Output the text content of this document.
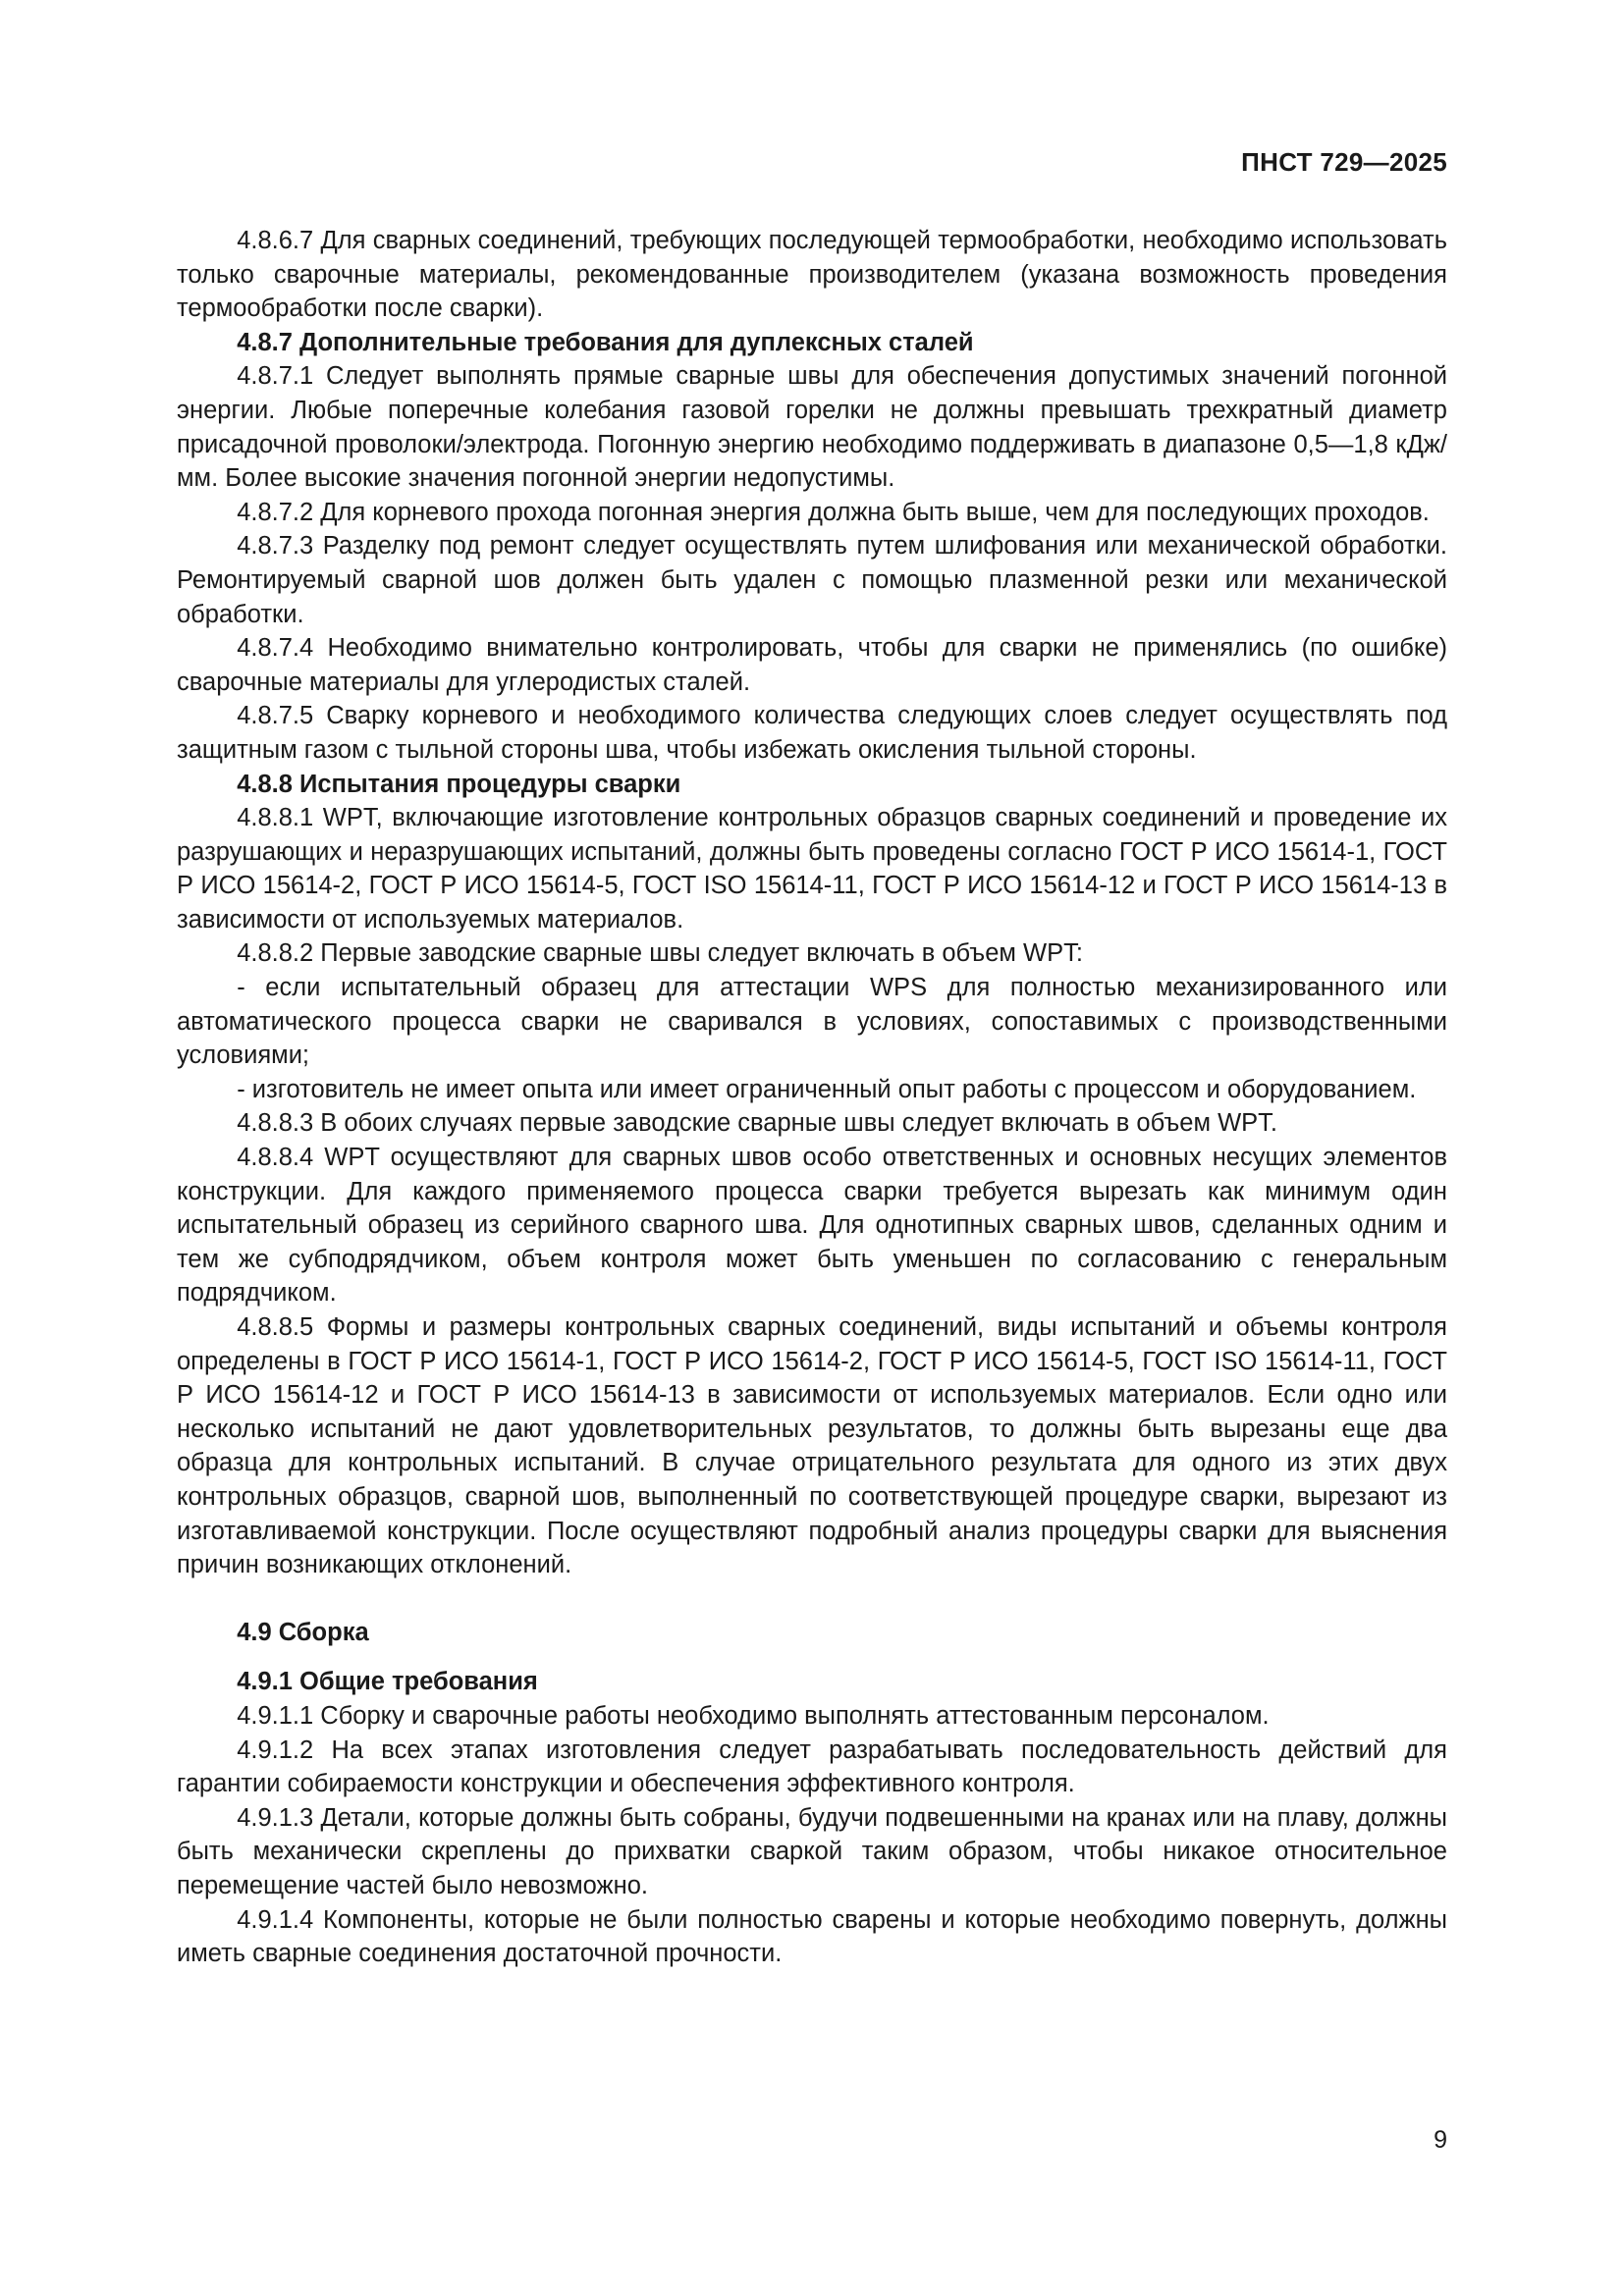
ПНСТ 729—2025

4.8.6.7 Для сварных соединений, требующих последующей термообработки, необходимо использовать только сварочные материалы, рекомендованные производителем (указана возможность проведения термообработки после сварки).

4.8.7 Дополнительные требования для дуплексных сталей

4.8.7.1 Следует выполнять прямые сварные швы для обеспечения допустимых значений погонной энергии. Любые поперечные колебания газовой горелки не должны превышать трехкратный диаметр присадочной проволоки/электрода. Погонную энергию необходимо поддерживать в диапазоне 0,5—1,8 кДж/мм. Более высокие значения погонной энергии недопустимы.

4.8.7.2 Для корневого прохода погонная энергия должна быть выше, чем для последующих проходов.

4.8.7.3 Разделку под ремонт следует осуществлять путем шлифования или механической обработки. Ремонтируемый сварной шов должен быть удален с помощью плазменной резки или механической обработки.

4.8.7.4 Необходимо внимательно контролировать, чтобы для сварки не применялись (по ошибке) сварочные материалы для углеродистых сталей.

4.8.7.5 Сварку корневого и необходимого количества следующих слоев следует осуществлять под защитным газом с тыльной стороны шва, чтобы избежать окисления тыльной стороны.

4.8.8 Испытания процедуры сварки

4.8.8.1 WPT, включающие изготовление контрольных образцов сварных соединений и проведение их разрушающих и неразрушающих испытаний, должны быть проведены согласно ГОСТ Р ИСО 15614-1, ГОСТ Р ИСО 15614-2, ГОСТ Р ИСО 15614-5, ГОСТ ISO 15614-11, ГОСТ Р ИСО 15614-12 и ГОСТ Р ИСО 15614-13 в зависимости от используемых материалов.

4.8.8.2 Первые заводские сварные швы следует включать в объем WPT:

- если испытательный образец для аттестации WPS для полностью механизированного или автоматического процесса сварки не сваривался в условиях, сопоставимых с производственными условиями;

- изготовитель не имеет опыта или имеет ограниченный опыт работы с процессом и оборудованием.

4.8.8.3 В обоих случаях первые заводские сварные швы следует включать в объем WPT.

4.8.8.4 WPT осуществляют для сварных швов особо ответственных и основных несущих элементов конструкции. Для каждого применяемого процесса сварки требуется вырезать как минимум один испытательный образец из серийного сварного шва. Для однотипных сварных швов, сделанных одним и тем же субподрядчиком, объем контроля может быть уменьшен по согласованию с генеральным подрядчиком.

4.8.8.5 Формы и размеры контрольных сварных соединений, виды испытаний и объемы контроля определены в ГОСТ Р ИСО 15614-1, ГОСТ Р ИСО 15614-2, ГОСТ Р ИСО 15614-5, ГОСТ ISO 15614-11, ГОСТ Р ИСО 15614-12 и ГОСТ Р ИСО 15614-13 в зависимости от используемых материалов. Если одно или несколько испытаний не дают удовлетворительных результатов, то должны быть вырезаны еще два образца для контрольных испытаний. В случае отрицательного результата для одного из этих двух контрольных образцов, сварной шов, выполненный по соответствующей процедуре сварки, вырезают из изготавливаемой конструкции. После осуществляют подробный анализ процедуры сварки для выяснения причин возникающих отклонений.

4.9 Сборка

4.9.1 Общие требования

4.9.1.1 Сборку и сварочные работы необходимо выполнять аттестованным персоналом.

4.9.1.2 На всех этапах изготовления следует разрабатывать последовательность действий для гарантии собираемости конструкции и обеспечения эффективного контроля.

4.9.1.3 Детали, которые должны быть собраны, будучи подвешенными на кранах или на плаву, должны быть механически скреплены до прихватки сваркой таким образом, чтобы никакое относительное перемещение частей было невозможно.

4.9.1.4 Компоненты, которые не были полностью сварены и которые необходимо повернуть, должны иметь сварные соединения достаточной прочности.

9
